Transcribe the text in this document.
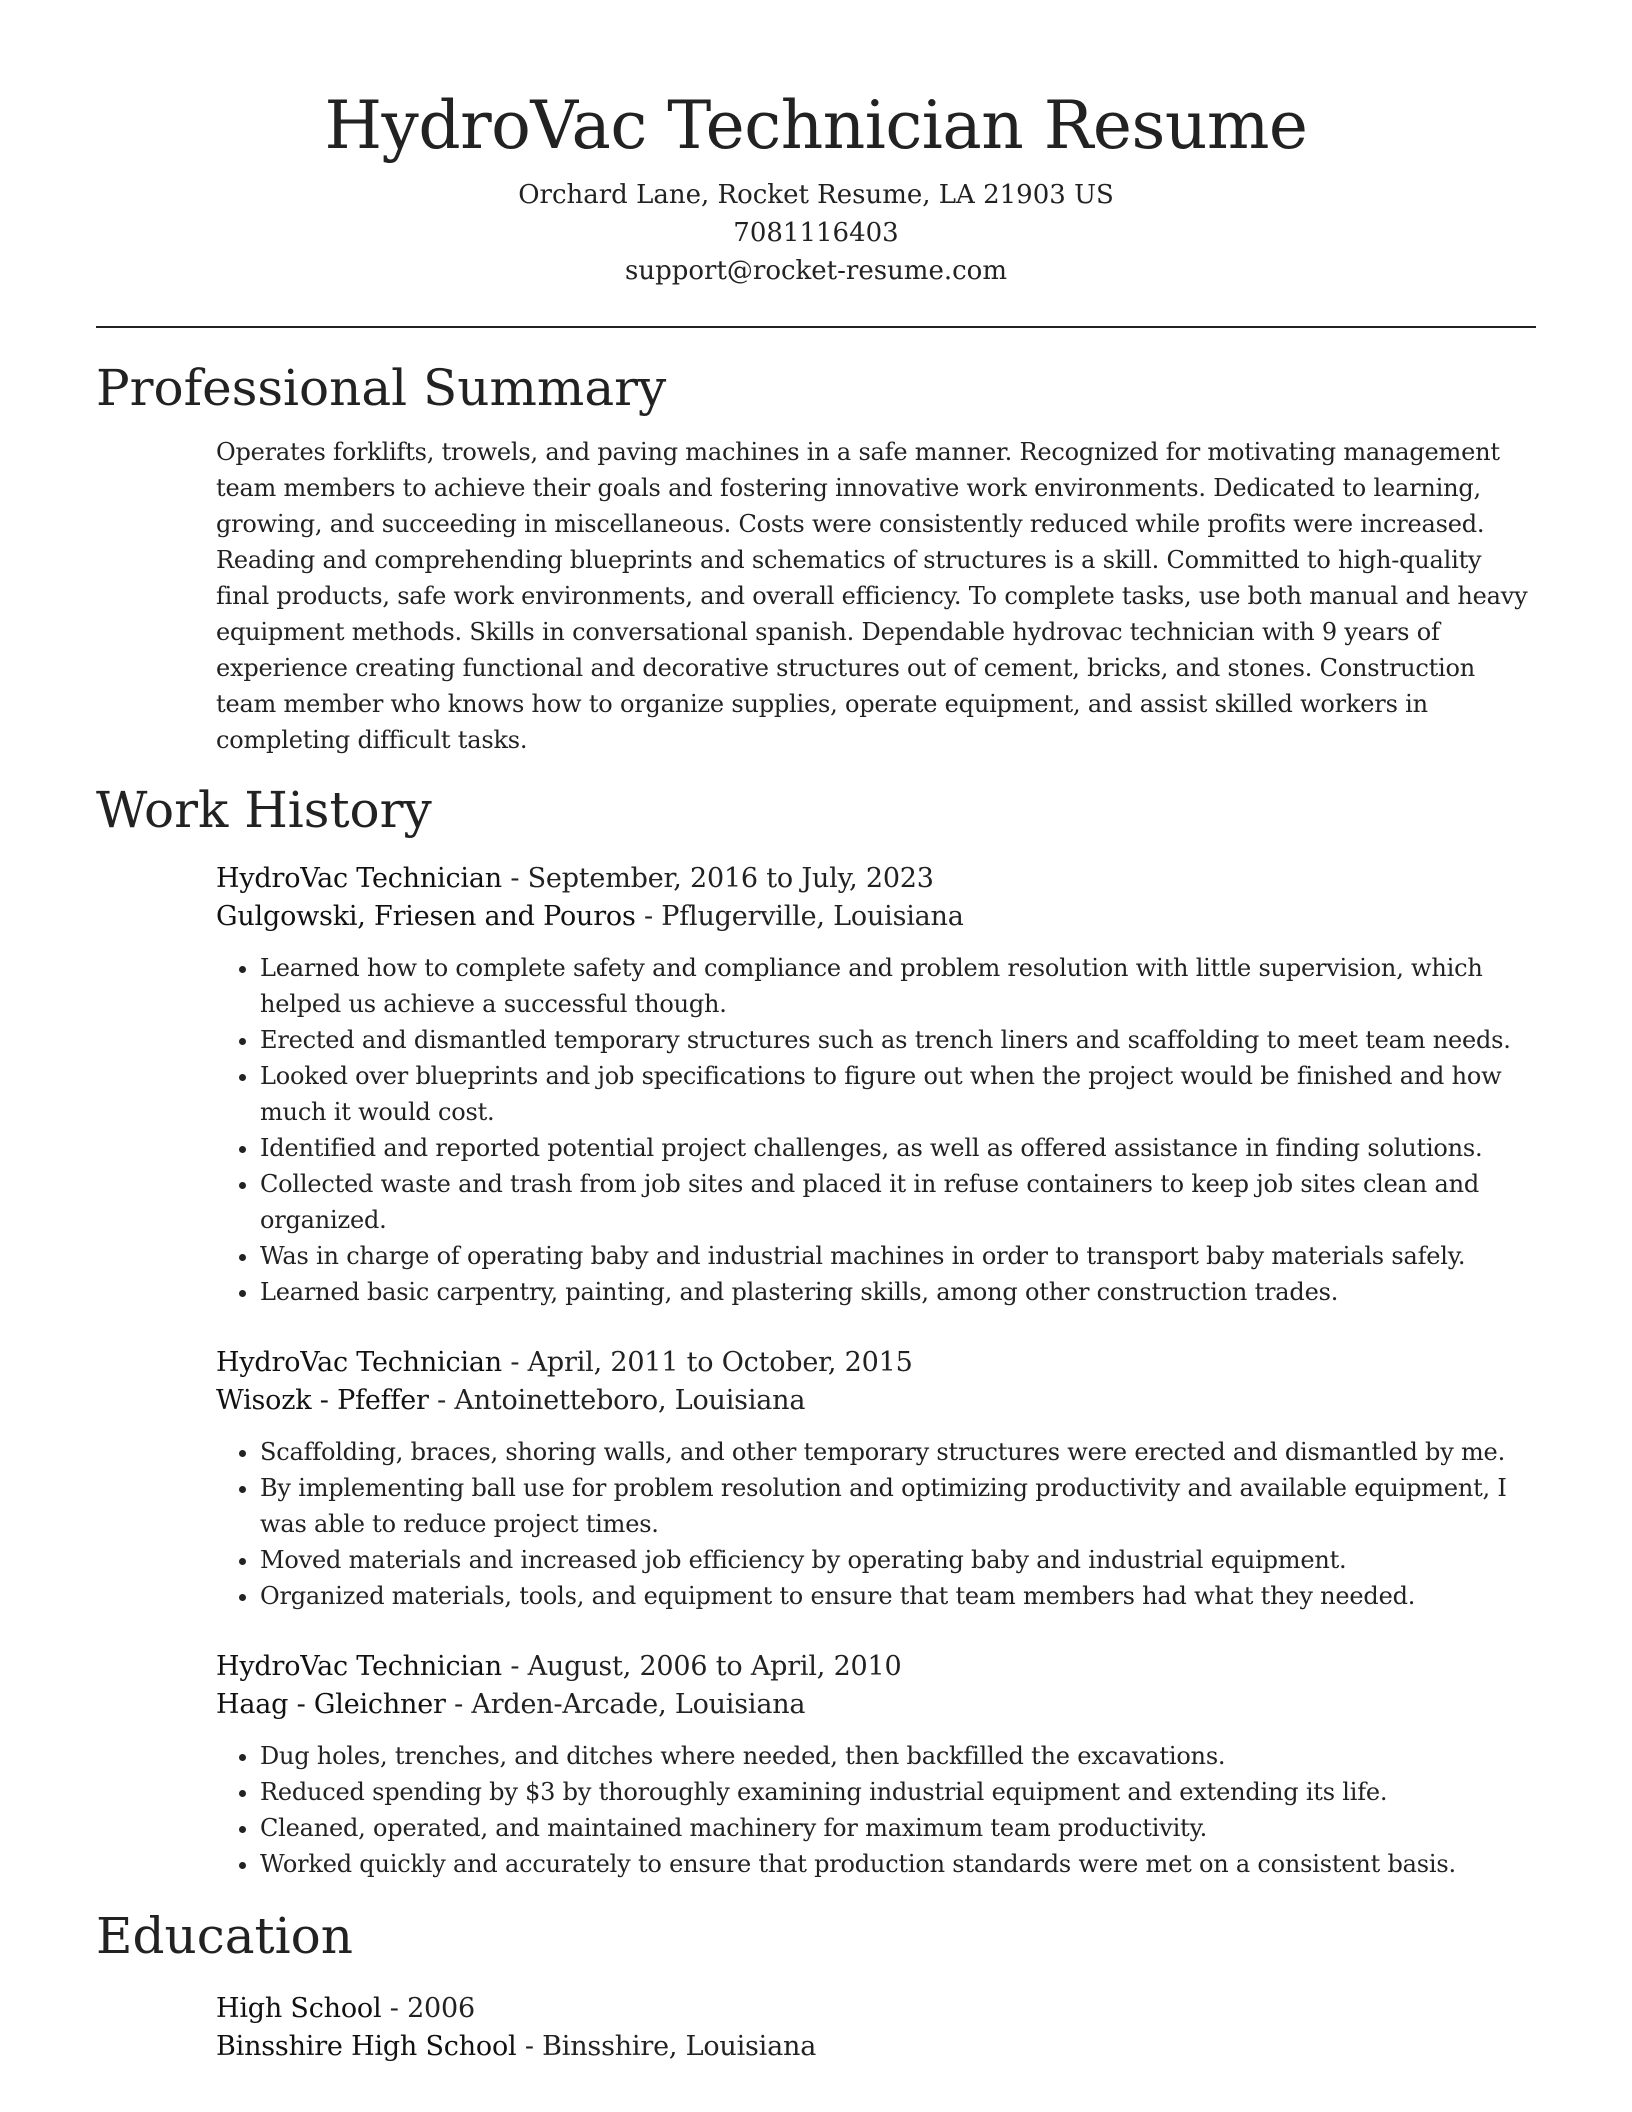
HydroVac Technician Resume
Orchard Lane, Rocket Resume, LA 21903 US
7081116403
support@rocket-resume.com
Professional Summary
Operates forklifts, trowels, and paving machines in a safe manner. Recognized for motivating management team members to achieve their goals and fostering innovative work environments. Dedicated to learning, growing, and succeeding in miscellaneous. Costs were consistently reduced while profits were increased. Reading and comprehending blueprints and schematics of structures is a skill. Committed to high-quality final products, safe work environments, and overall efficiency. To complete tasks, use both manual and heavy equipment methods. Skills in conversational spanish. Dependable hydrovac technician with 9 years of experience creating functional and decorative structures out of cement, bricks, and stones. Construction team member who knows how to organize supplies, operate equipment, and assist skilled workers in completing difficult tasks.
Work History
HydroVac Technician - September, 2016 to July, 2023
Gulgowski, Friesen and Pouros - Pflugerville, Louisiana
• Learned how to complete safety and compliance and problem resolution with little supervision, which helped us achieve a successful though.
• Erected and dismantled temporary structures such as trench liners and scaffolding to meet team needs.
• Looked over blueprints and job specifications to figure out when the project would be finished and how much it would cost.
• Identified and reported potential project challenges, as well as offered assistance in finding solutions.
• Collected waste and trash from job sites and placed it in refuse containers to keep job sites clean and organized.
• Was in charge of operating baby and industrial machines in order to transport baby materials safely.
• Learned basic carpentry, painting, and plastering skills, among other construction trades.
HydroVac Technician - April, 2011 to October, 2015
Wisozk - Pfeffer - Antoinetteboro, Louisiana
• Scaffolding, braces, shoring walls, and other temporary structures were erected and dismantled by me.
• By implementing ball use for problem resolution and optimizing productivity and available equipment, I was able to reduce project times.
• Moved materials and increased job efficiency by operating baby and industrial equipment.
• Organized materials, tools, and equipment to ensure that team members had what they needed.
HydroVac Technician - August, 2006 to April, 2010
Haag - Gleichner - Arden-Arcade, Louisiana
• Dug holes, trenches, and ditches where needed, then backfilled the excavations.
• Reduced spending by $3 by thoroughly examining industrial equipment and extending its life.
• Cleaned, operated, and maintained machinery for maximum team productivity.
• Worked quickly and accurately to ensure that production standards were met on a consistent basis.
Education
High School - 2006
Binsshire High School - Binsshire, Louisiana
